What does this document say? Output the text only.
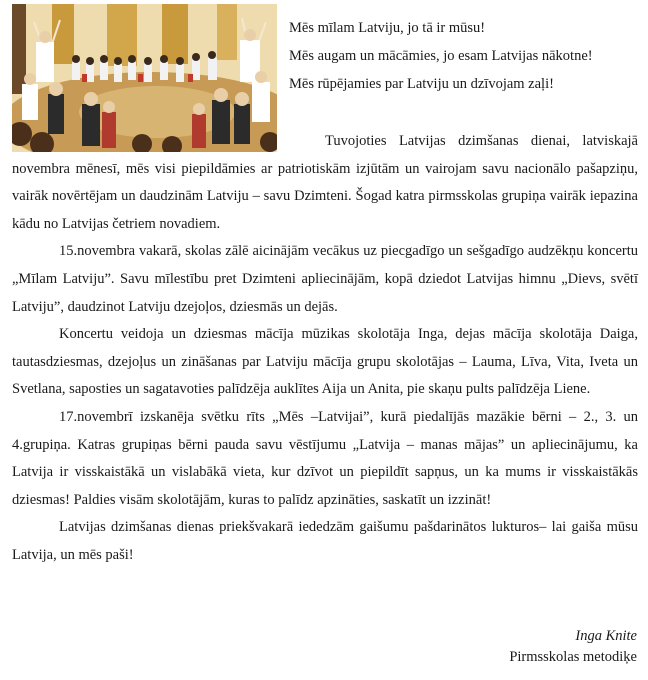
Mēs mīlam Latviju, jo tā ir mūsu!

Mēs augam un mācāmies, jo esam Latvijas nākotne!

Mēs rūpējamies par Latviju un dzīvojam zaļi!

Tuvojoties Latvijas dzimšanas dienai, latviskajā novembra mēnesī, mēs visi piepildāmies ar patriotiskām izjūtām un vairojam savu nacionālo pašapziņu, vairāk novērtējam un daudzinām Latviju – savu Dzimteni. Šogad katra pirmsskolas grupiņa vairāk iepazina kādu no Latvijas četriem novadiem.

15.novembra vakarā, skolas zālē aicinājām vecākus uz piecgadīgo un sešgadīgo audzēkņu koncertu „Mīlam Latviju”. Savu mīlestību pret Dzimteni apliecinājām, kopā dziedot Latvijas himnu „Dievs, svētī Latviju”, daudzinot Latviju dzejoļos, dziesmās un dejās.

Koncertu veidoja un dziesmas mācīja mūzikas skolotāja Inga, dejas mācīja skolotāja Daiga, tautasdziesmas, dzejoļus un zināšanas par Latviju mācīja grupu skolotājas – Lauma, Līva, Vita, Iveta un Svetlana, saposties un sagatavoties palīdzēja auklītes Aija un Anita, pie skaņu pults palīdzēja Liene.

17.novembrī izskanēja svētku rīts „Mēs –Latvijai”, kurā piedalījās mazākie bērni – 2., 3. un 4.grupiņa. Katras grupiņas bērni pauda savu vēstījumu „Latvija – manas mājas” un apliecinājumu, ka Latvija ir visskaistākā un vislabākā vieta, kur dzīvot un piepildīt sapņus, un ka mums ir visskaistākās dziesmas! Paldies visām skolotājām, kuras to palīdz apzināties, saskatīt un izzināt!

Latvijas dzimšanas dienas priekšvakarā iededzām gaišumu pašdarinātos lukturos– lai gaiša mūsu Latvija, un mēs paši!

Inga Knite
Pirmsskolas metodiķe
